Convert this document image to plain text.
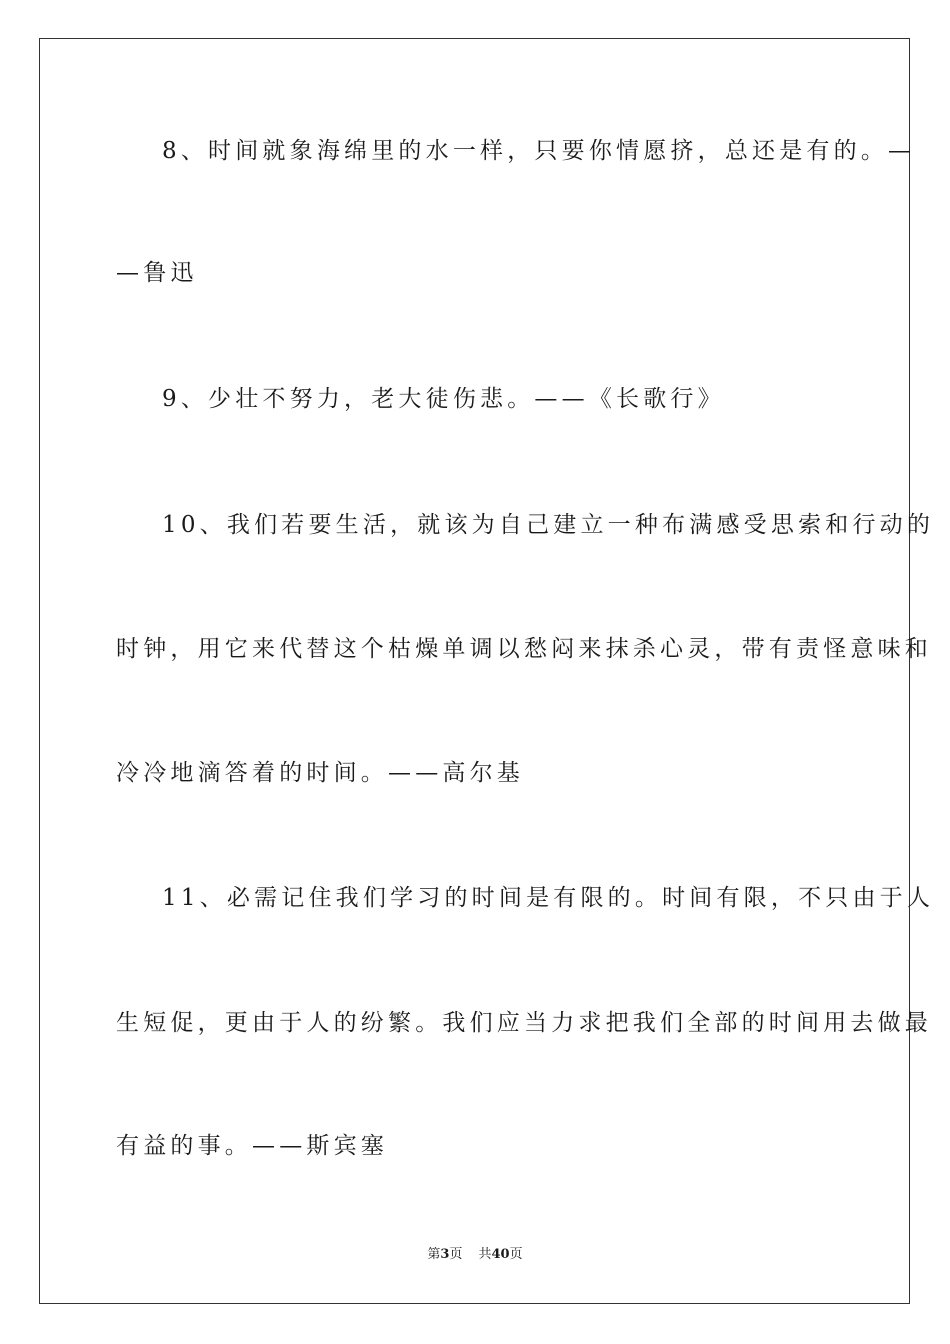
8、时间就象海绵里的水一样，只要你情愿挤，总还是有的。—
—鲁迅
9、少壮不努力，老大徒伤悲。——《长歌行》
10、我们若要生活，就该为自己建立一种布满感受思索和行动的
时钟，用它来代替这个枯燥单调以愁闷来抹杀心灵，带有责怪意味和
冷冷地滴答着的时间。——高尔基
11、必需记住我们学习的时间是有限的。时间有限，不只由于人
生短促，更由于人的纷繁。我们应当力求把我们全部的时间用去做最
有益的事。——斯宾塞
第3页 共40页
